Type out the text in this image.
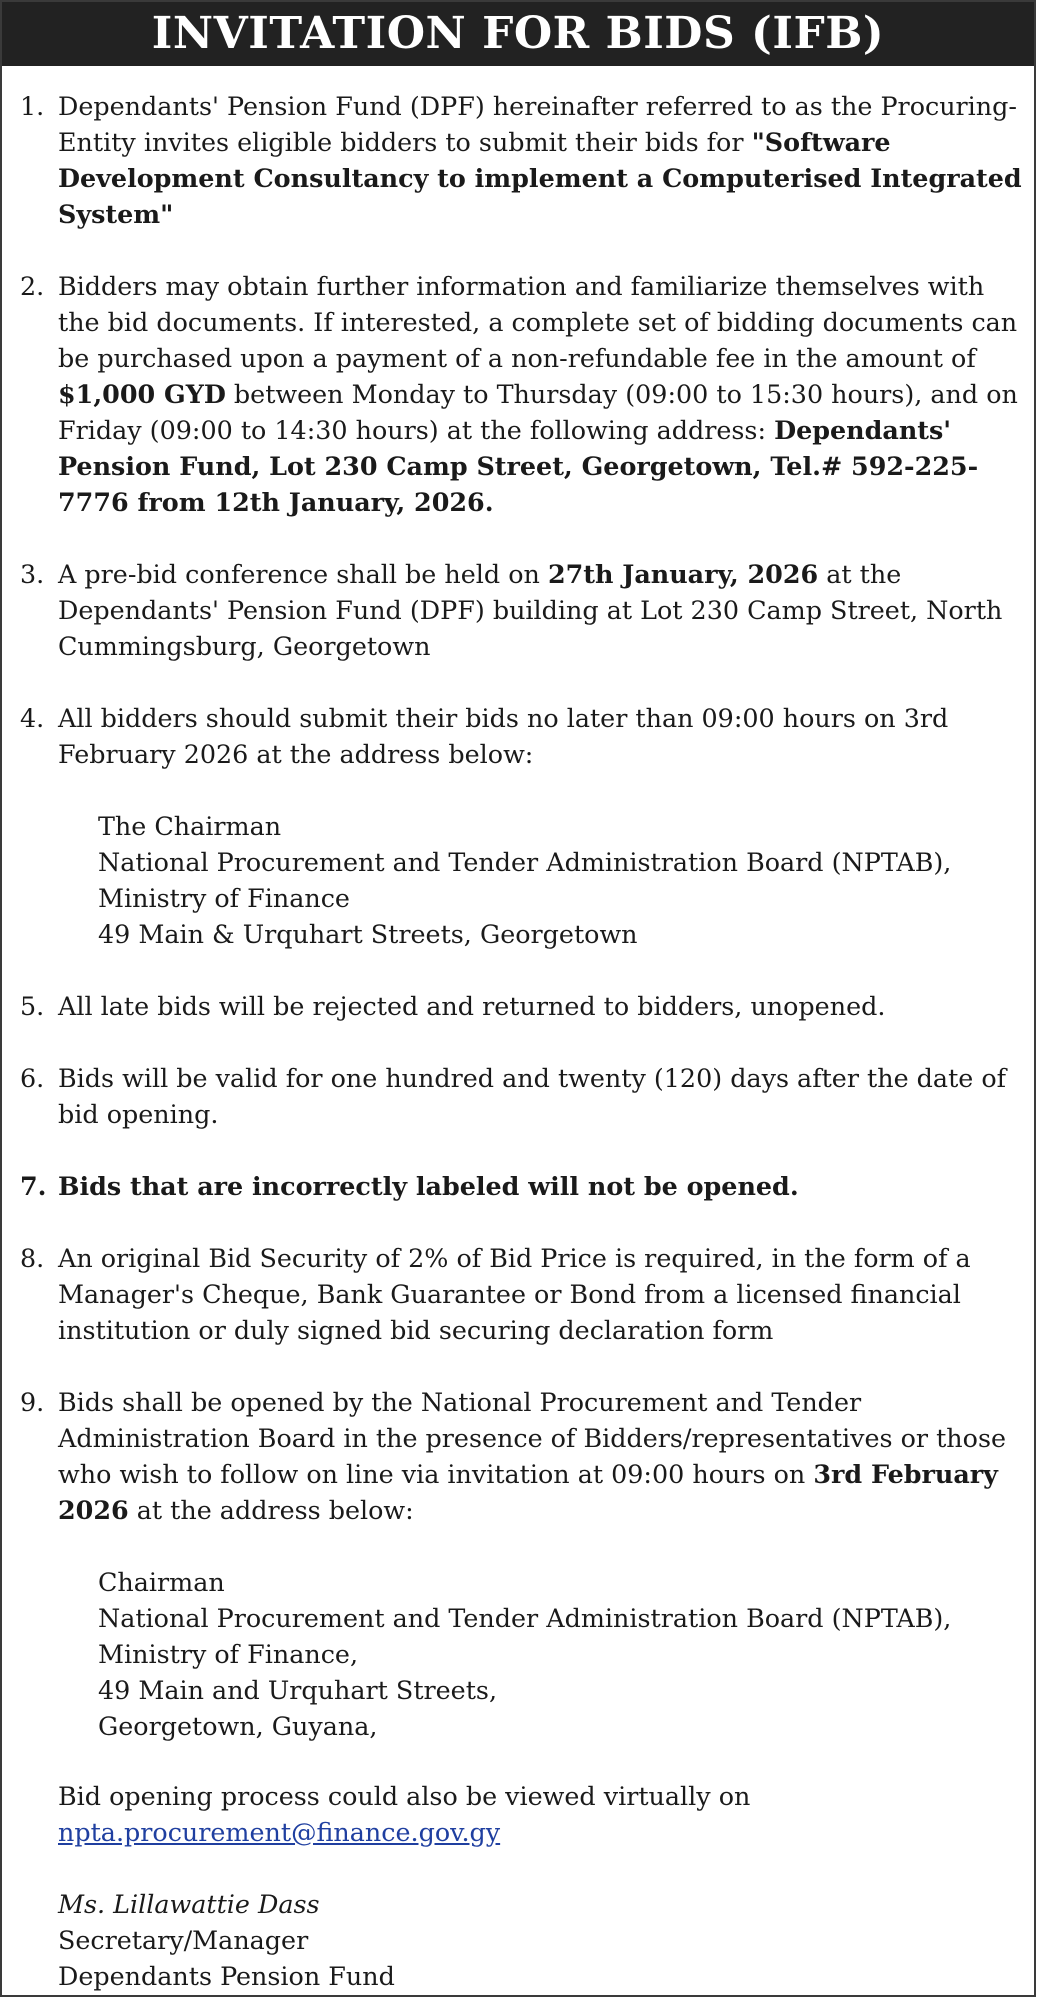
INVITATION FOR BIDS (IFB)
1. Dependants' Pension Fund (DPF) hereinafter referred to as the Procuring-Entity invites eligible bidders to submit their bids for "Software Development Consultancy to implement a Computerised Integrated System"
2. Bidders may obtain further information and familiarize themselves with the bid documents. If interested, a complete set of bidding documents can be purchased upon a payment of a non-refundable fee in the amount of $1,000 GYD between Monday to Thursday (09:00 to 15:30 hours), and on Friday (09:00 to 14:30 hours) at the following address: Dependants' Pension Fund, Lot 230 Camp Street, Georgetown, Tel.# 592-225-7776 from 12th January, 2026.
3. A pre-bid conference shall be held on 27th January, 2026 at the Dependants' Pension Fund (DPF) building at Lot 230 Camp Street, North Cummingsburg, Georgetown
4. All bidders should submit their bids no later than 09:00 hours on 3rd February 2026 at the address below:
The Chairman
National Procurement and Tender Administration Board (NPTAB),
Ministry of Finance
49 Main & Urquhart Streets, Georgetown
5. All late bids will be rejected and returned to bidders, unopened.
6. Bids will be valid for one hundred and twenty (120) days after the date of bid opening.
7. Bids that are incorrectly labeled will not be opened.
8. An original Bid Security of 2% of Bid Price is required, in the form of a Manager's Cheque, Bank Guarantee or Bond from a licensed financial institution or duly signed bid securing declaration form
9. Bids shall be opened by the National Procurement and Tender Administration Board in the presence of Bidders/representatives or those who wish to follow on line via invitation at 09:00 hours on 3rd February 2026 at the address below:
Chairman
National Procurement and Tender Administration Board (NPTAB),
Ministry of Finance,
49 Main and Urquhart Streets,
Georgetown, Guyana,

Bid opening process could also be viewed virtually on
npta.procurement@finance.gov.gy

Ms. Lillawattie Dass
Secretary/Manager
Dependants Pension Fund
